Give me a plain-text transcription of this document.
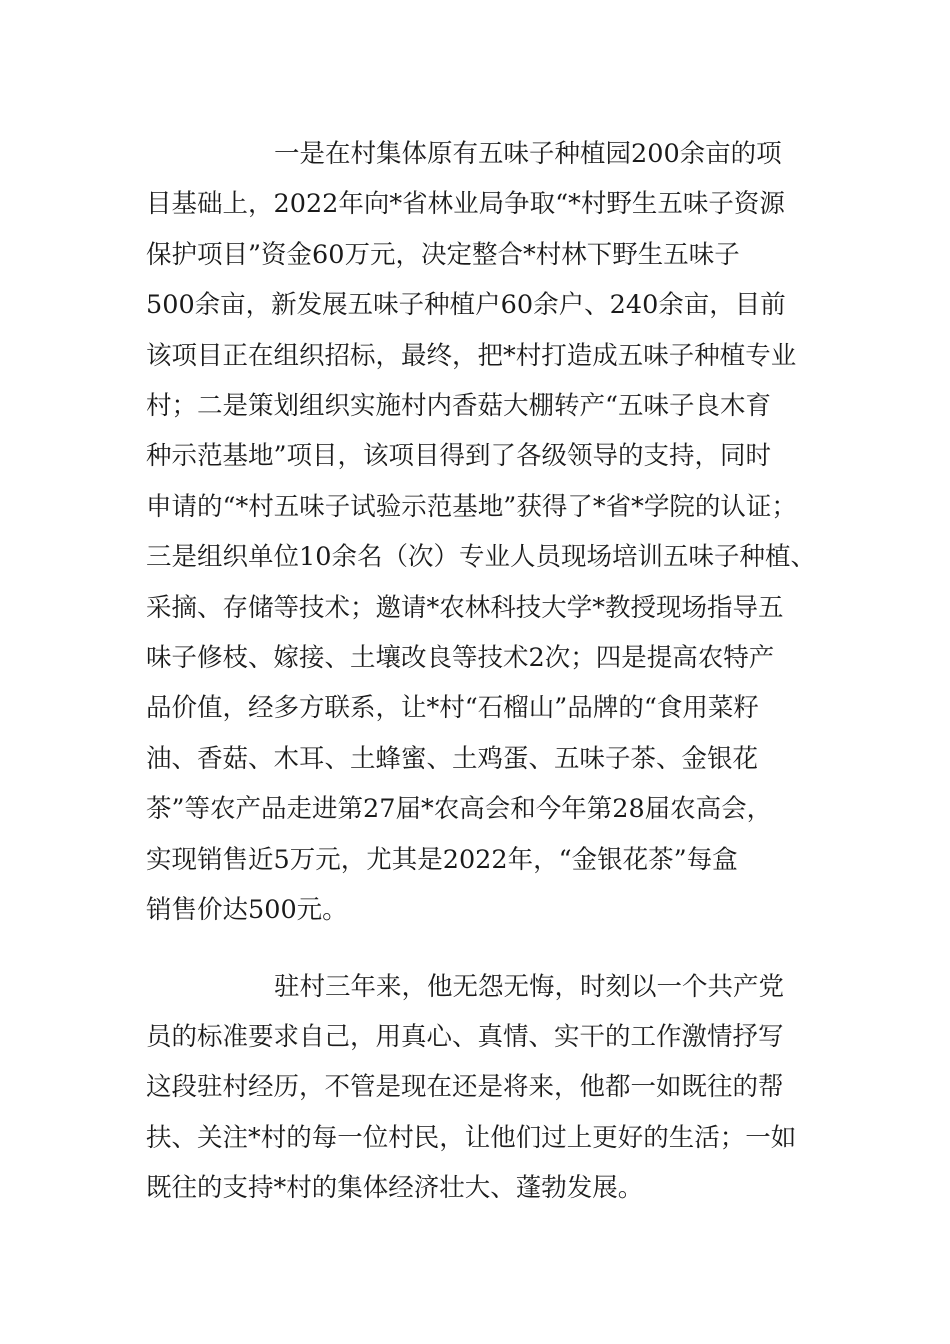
一是在村集体原有五味子种植园200余亩的项
目基础上，2022年向*省林业局争取“*村野生五味子资源
保护项目”资金60万元，决定整合*村林下野生五味子
500余亩，新发展五味子种植户60余户、240余亩，目前
该项目正在组织招标，最终，把*村打造成五味子种植专业
村；二是策划组织实施村内香菇大棚转产“五味子良木育
种示范基地”项目，该项目得到了各级领导的支持，同时
申请的“*村五味子试验示范基地”获得了*省*学院的认证；
三是组织单位10余名（次）专业人员现场培训五味子种植、
采摘、存储等技术；邀请*农林科技大学*教授现场指导五
味子修枝、嫁接、土壤改良等技术2次；四是提高农特产
品价值，经多方联系，让*村“石榴山”品牌的“食用菜籽
油、香菇、木耳、土蜂蜜、土鸡蛋、五味子茶、金银花
茶”等农产品走进第27届*农高会和今年第28届农高会，
实现销售近5万元，尤其是2022年，“金银花茶”每盒
销售价达500元。

驻村三年来，他无怨无悔，时刻以一个共产党
员的标准要求自己，用真心、真情、实干的工作激情抒写
这段驻村经历，不管是现在还是将来，他都一如既往的帮
扶、关注*村的每一位村民，让他们过上更好的生活；一如
既往的支持*村的集体经济壮大、蓬勃发展。
